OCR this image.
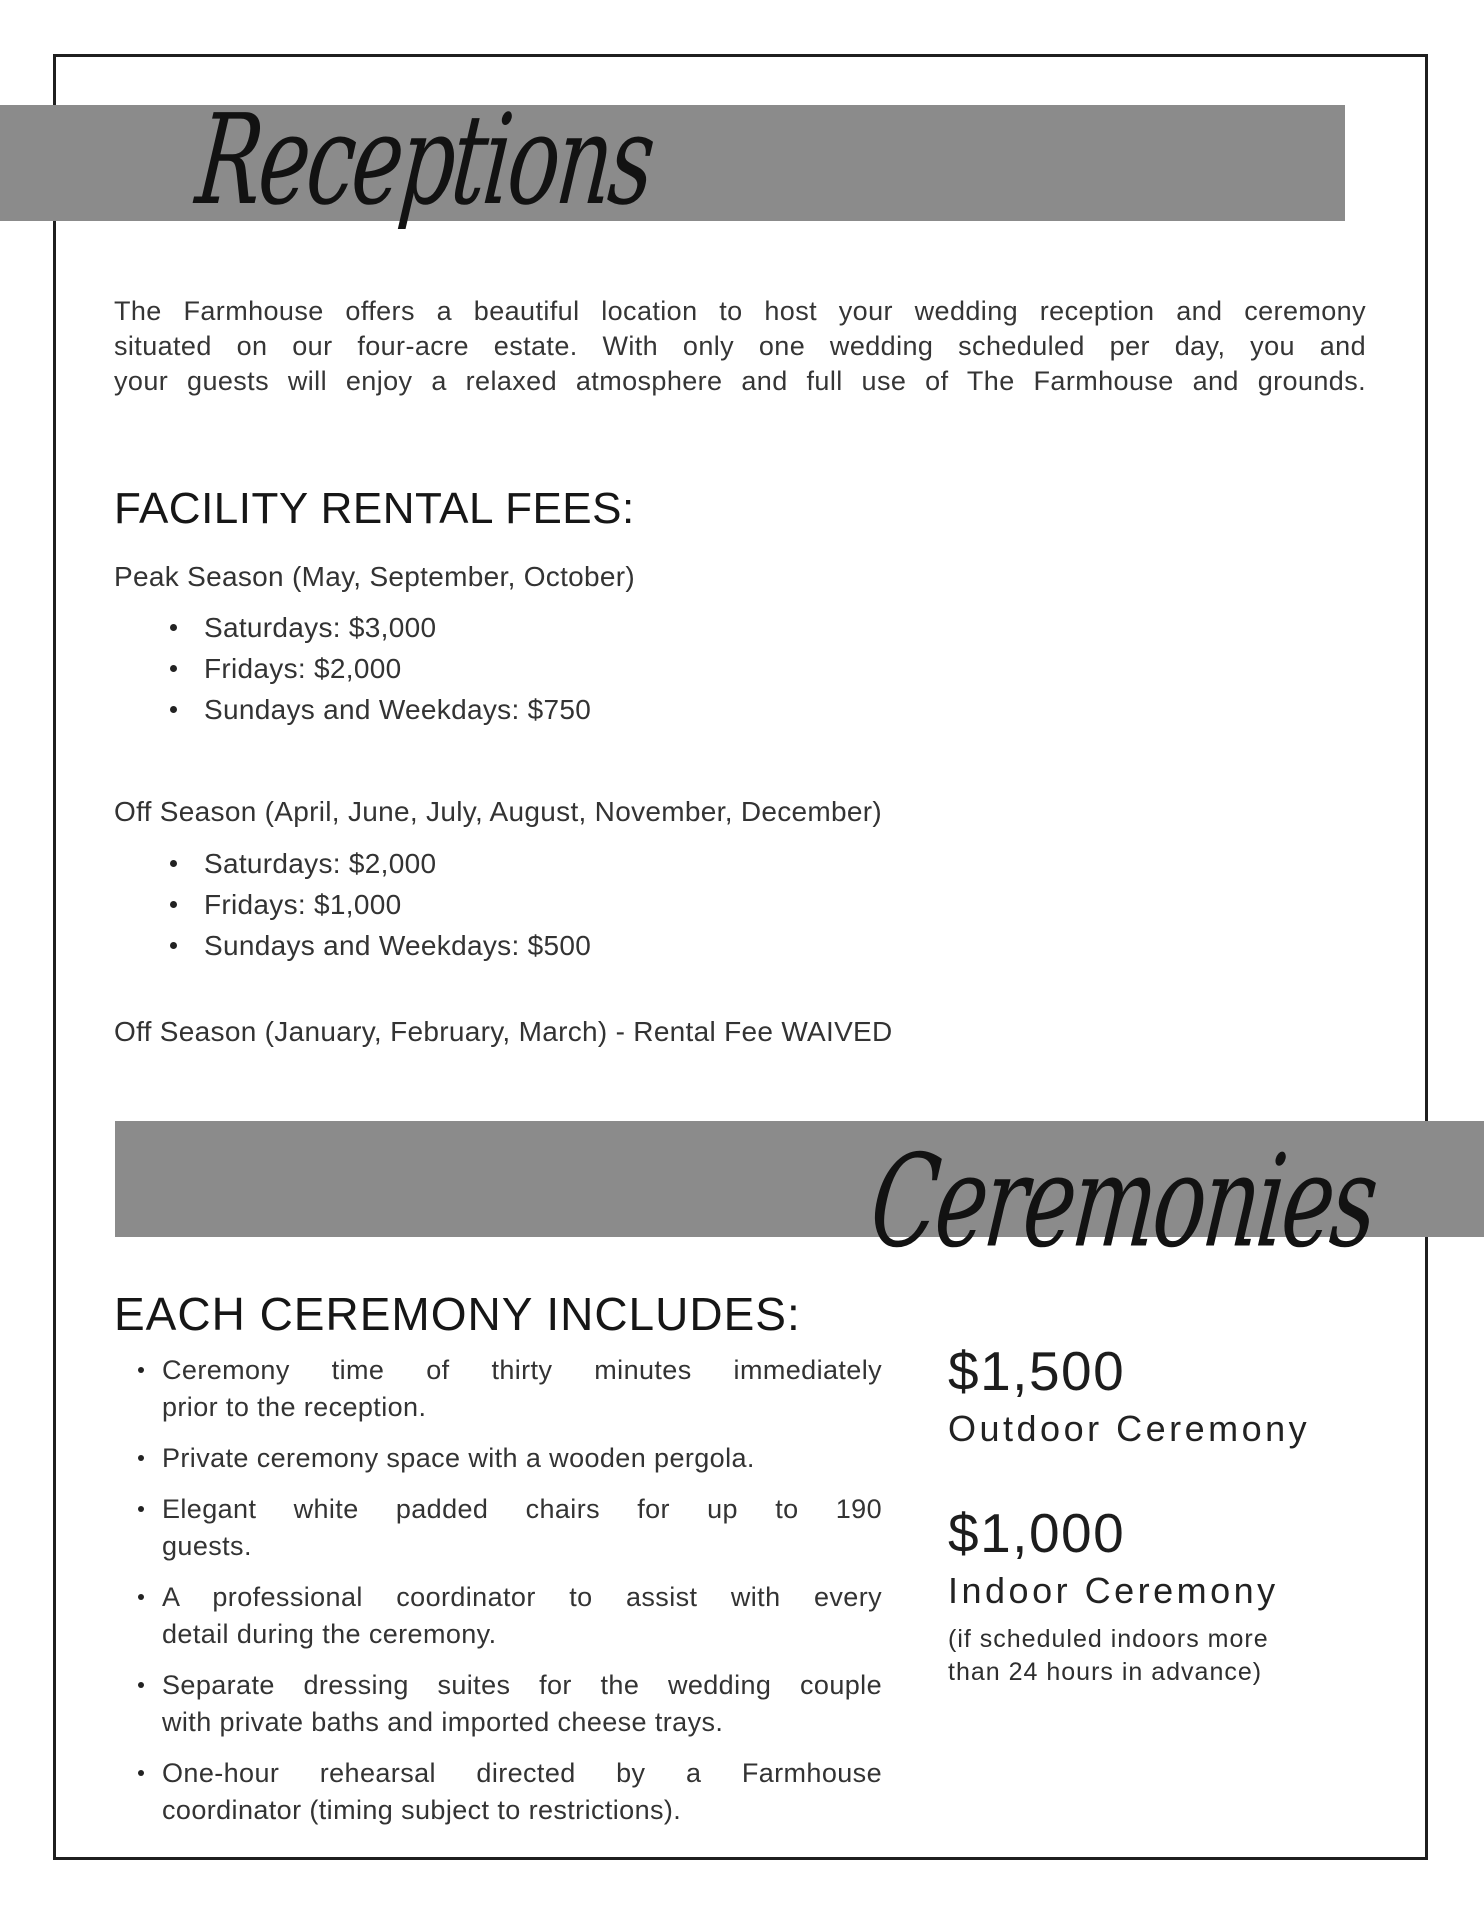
Receptions
The Farmhouse offers a beautiful location to host your wedding reception and ceremony
situated on our four-acre estate. With only one wedding scheduled per day, you and
your guests will enjoy a relaxed atmosphere and full use of The Farmhouse and grounds.
FACILITY RENTAL FEES:
Peak Season (May, September, October)
Saturdays: $3,000
Fridays: $2,000
Sundays and Weekdays: $750
Off Season (April, June, July, August, November, December)
Saturdays: $2,000
Fridays: $1,000
Sundays and Weekdays: $500
Off Season (January, February, March) - Rental Fee WAIVED
Ceremonies
EACH CEREMONY INCLUDES:
Ceremony time of thirty minutes immediately
prior to the reception.
Private ceremony space with a wooden pergola.
Elegant white padded chairs for up to 190
guests.
A professional coordinator to assist with every
detail during the ceremony.
Separate dressing suites for the wedding couple
with private baths and imported cheese trays.
One-hour rehearsal directed by a Farmhouse
coordinator (timing subject to restrictions).
$1,500
Outdoor Ceremony
$1,000
Indoor Ceremony
(if scheduled indoors more
than 24 hours in advance)
